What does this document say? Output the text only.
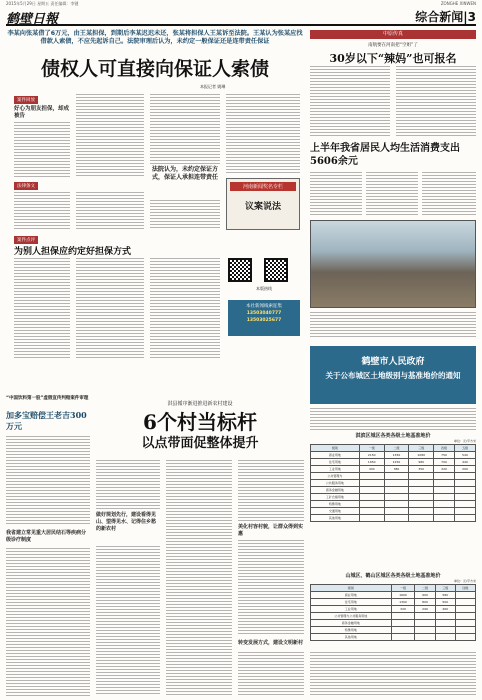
2015年5月29日 星期五 责任编辑：李键	ZONGHE XINWEN
鹤壁日報	综合新闻|3
李某向张某借了6万元，由王某担保，到期后李某迟迟未还，张某将担保人王某诉至法院。王某认为张某应找借款人索债，不应先起诉自己。法院审理后认为，未约定一般保证还是连带责任保证
债权人可直接向保证人索债
本报记者 姚琳
案件回放
好心为朋友担保，却成被告
法院认为，未约定保证方式，保证人承担连带责任
法律条文	河南新闻奖名专栏
议案说法
案件点评
为别人担保应约定好担保方式
本版热线
本社新闻线索征集
13503040777
13503025677
中原传真
南航要在河南把“空姐”了
30岁以下“辣妈”也可报名
上半年我省居民人均生活消费支出5606余元
“中国饮料第一股”虚假宣传判赔案件审理
加多宝赔偿王老吉300万元
我省建立常见重大居民结石等疾病分级诊疗制度
淇县循序渐进推进新农村建设
6个村当标杆
以点带面促整体提升
做好规划先行，建设看得见山、望得见水、记得住乡愁的新农村	美化村容村貌，让群众得到实惠
转变发展方式，建设文明新村
鹤壁市人民政府
关于公布城区土地级别与基准地价的通知
淇滨区城区各类各级土地基准地价
单位：元/平方米
级别	一级	二级	三级	四级	五级
商业用地	2150	1350	1080	750	540
住宅用地	1650	1250	980	700	440
工业用地	430	380	350	320	290
公共管理与					
公共服务用地					
商务金融用地					
工矿仓储用地					
特殊用地					
交通用地					
其他用地					
山城区、鹤山区城区各类各级土地基准地价
单位：元/平方米
级别	一级	二级	三级	四级
商业用地	1600	900	580	
住宅用地	1300	800	500	
工业用地	320	290	260	
公共管理与公共服务用地				
商务金融用地				
特殊用地				
其他用地				
